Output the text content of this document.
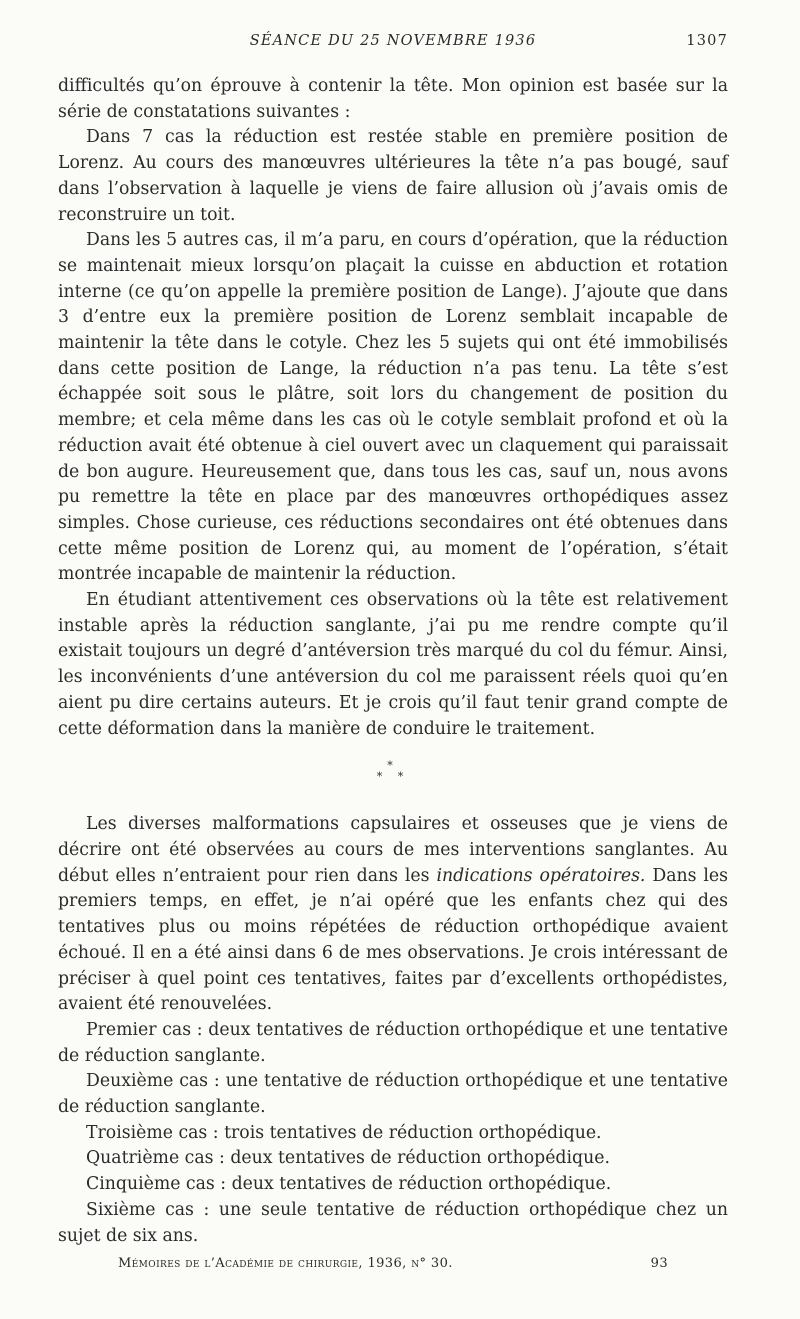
SÉANCE DU 25 NOVEMBRE 1936	1307

difficultés qu’on éprouve à contenir la tête. Mon opinion est basée sur la série de constatations suivantes :

Dans 7 cas la réduction est restée stable en première position de Lorenz. Au cours des manœuvres ultérieures la tête n’a pas bougé, sauf dans l’observation à laquelle je viens de faire allusion où j’avais omis de reconstruire un toit.

Dans les 5 autres cas, il m’a paru, en cours d’opération, que la réduction se maintenait mieux lorsqu’on plaçait la cuisse en abduction et rotation interne (ce qu’on appelle la première position de Lange). J’ajoute que dans 3 d’entre eux la première position de Lorenz semblait incapable de maintenir la tête dans le cotyle. Chez les 5 sujets qui ont été immobilisés dans cette position de Lange, la réduction n’a pas tenu. La tête s’est échappée soit sous le plâtre, soit lors du changement de position du membre; et cela même dans les cas où le cotyle semblait profond et où la réduction avait été obtenue à ciel ouvert avec un claquement qui paraissait de bon augure. Heureusement que, dans tous les cas, sauf un, nous avons pu remettre la tête en place par des manœuvres orthopédiques assez simples. Chose curieuse, ces réductions secondaires ont été obtenues dans cette même position de Lorenz qui, au moment de l’opération, s’était montrée incapable de maintenir la réduction.

En étudiant attentivement ces observations où la tête est relativement instable après la réduction sanglante, j’ai pu me rendre compte qu’il existait toujours un degré d’antéversion très marqué du col du fémur. Ainsi, les inconvénients d’une antéversion du col me paraissent réels quoi qu’en aient pu dire certains auteurs. Et je crois qu’il faut tenir grand compte de cette déformation dans la manière de conduire le traitement.

*
* *

Les diverses malformations capsulaires et osseuses que je viens de décrire ont été observées au cours de mes interventions sanglantes. Au début elles n’entraient pour rien dans les indications opératoires. Dans les premiers temps, en effet, je n’ai opéré que les enfants chez qui des tentatives plus ou moins répétées de réduction orthopédique avaient échoué. Il en a été ainsi dans 6 de mes observations. Je crois intéressant de préciser à quel point ces tentatives, faites par d’excellents orthopédistes, avaient été renouvelées.

Premier cas : deux tentatives de réduction orthopédique et une tentative de réduction sanglante.

Deuxième cas : une tentative de réduction orthopédique et une tentative de réduction sanglante.

Troisième cas : trois tentatives de réduction orthopédique.

Quatrième cas : deux tentatives de réduction orthopédique.

Cinquième cas : deux tentatives de réduction orthopédique.

Sixième cas : une seule tentative de réduction orthopédique chez un sujet de six ans.

Mémoires de l’Académie de chirurgie, 1936, n° 30.	93
